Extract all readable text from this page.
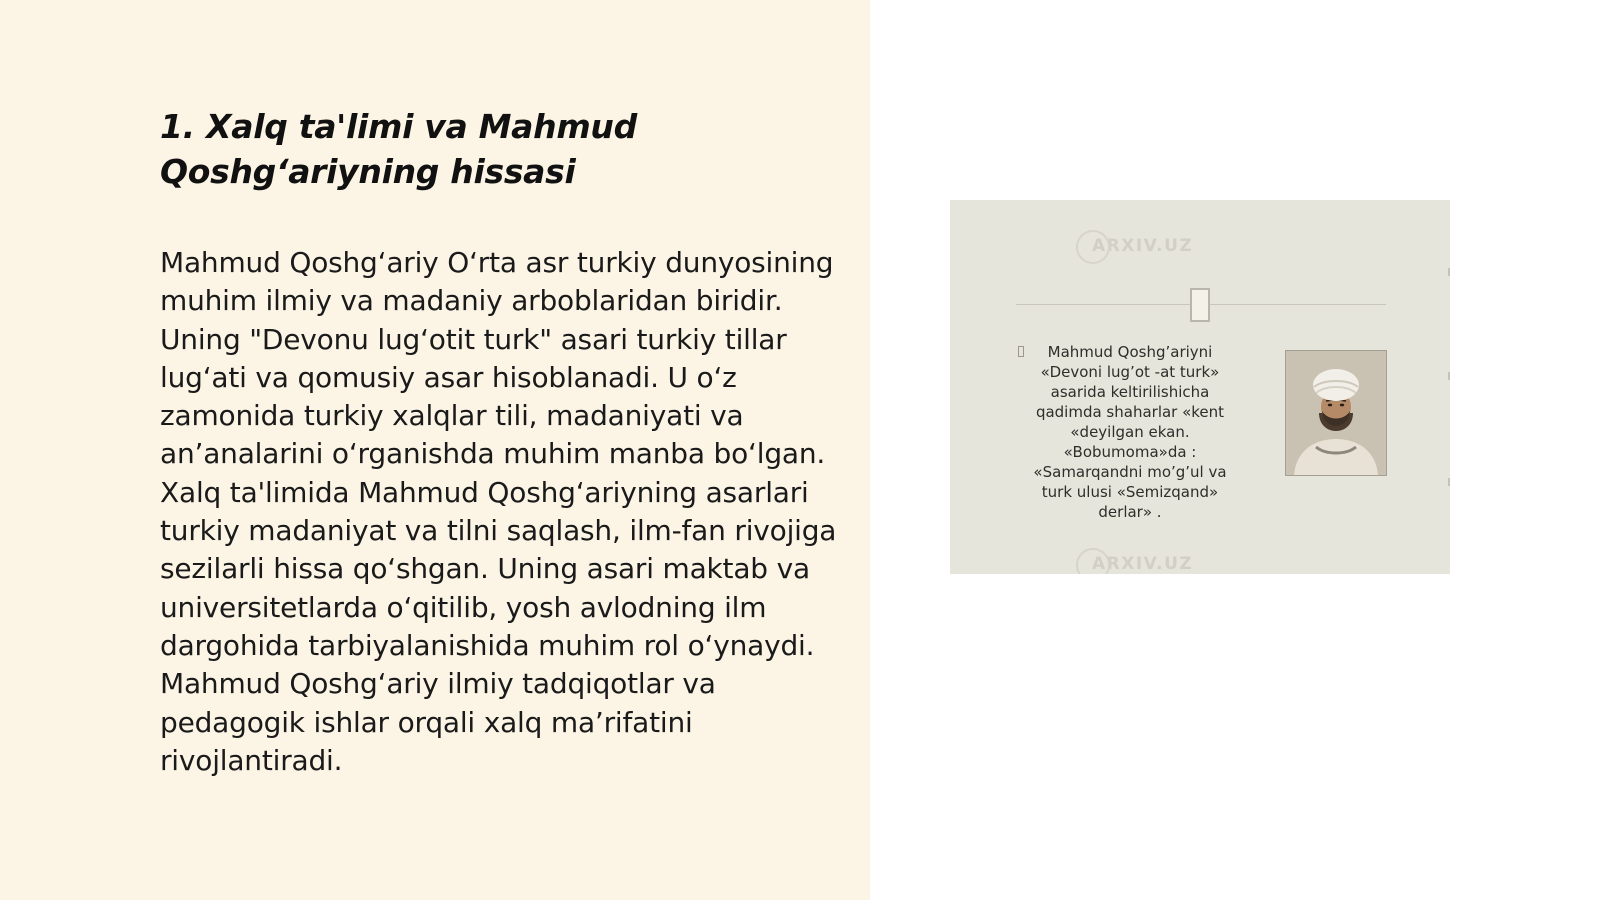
1. Xalq ta'limi va Mahmud Qoshg‘ariyning hissasi

Mahmud Qoshg‘ariy O‘rta asr turkiy dunyosining muhim ilmiy va madaniy arboblaridan biridir. Uning "Devonu lug‘otit turk" asari turkiy tillar lug‘ati va qomusiy asar hisoblanadi. U o‘z zamonida turkiy xalqlar tili, madaniyati va an’analarini o‘rganishda muhim manba bo‘lgan. Xalq ta'limida Mahmud Qoshg‘ariyning asarlari turkiy madaniyat va tilni saqlash, ilm-fan rivojiga sezilarli hissa qo‘shgan. Uning asari maktab va universitetlarda o‘qitilib, yosh avlodning ilm dargohida tarbiyalanishida muhim rol o‘ynaydi. Mahmud Qoshg‘ariy ilmiy tadqiqotlar va pedagogik ishlar orqali xalq ma’rifatini rivojlantiradi.

ARXIV.UZ

Mahmud Qoshg’ariyni «Devoni lug’ot -at turk» asarida keltirilishicha qadimda shaharlar «kent «deyilgan ekan. «Bobumoma»da : «Samarqandni mo’g’ul va turk ulusi «Semizqand» derlar» .

ARXIV.UZ
